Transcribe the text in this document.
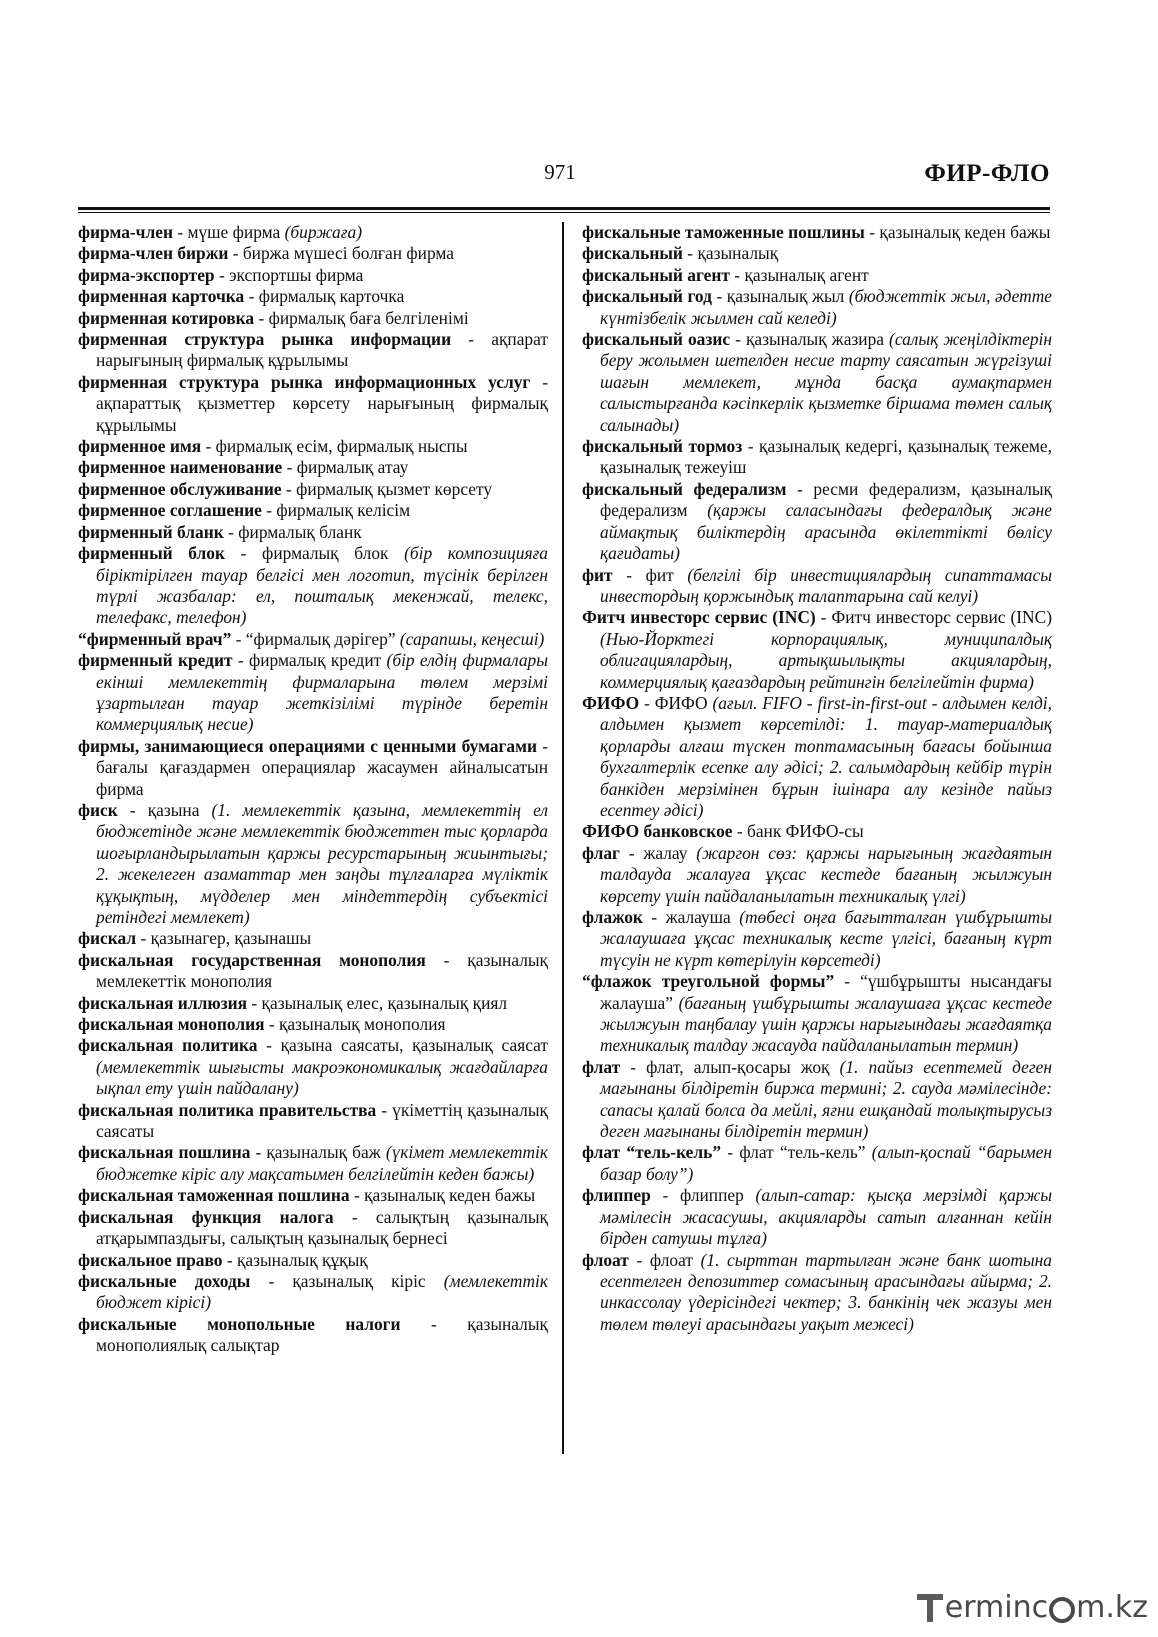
971	ФИР-ФЛО

фирма-член - мүше фирма (биржаға)

фирма-член биржи - биржа мүшесі болған фирма

фирма-экспортер - экспортшы фирма

фирменная карточка - фирмалық карточка

фирменная котировка - фирмалық баға белгіленімі

фирменная структура рынка информации - ақпарат нарығының фирмалық құрылымы

фирменная структура рынка информационных услуг - ақпараттық қызметтер көрсету нарығының фирмалық құрылымы

фирменное имя - фирмалық есім, фирмалық ныспы

фирменное наименование - фирмалық атау

фирменное обслуживание - фирмалық қызмет көрсету

фирменное соглашение - фирмалық келісім

фирменный бланк - фирмалық бланк

фирменный блок - фирмалық блок (бір композицияға біріктірілген тауар белгісі мен логотип, түсінік берілген түрлі жазбалар: ел, пошталық мекенжай, телекс, телефакс, телефон)

“фирменный врач” - “фирмалық дәрігер” (сарапшы, кеңесші)

фирменный кредит - фирмалық кредит (бір елдің фирмалары екінші мемлекеттің фирмаларына төлем мерзімі ұзартылған тауар жеткізілімі түрінде беретін коммерциялық несие)

фирмы, занимающиеся операциями с ценными бумагами - бағалы қағаздармен операциялар жасаумен айналысатын фирма

фиск - қазына (1. мемлекеттік қазына, мемлекеттің ел бюджетінде және мемлекеттік бюджеттен тыс қорларда шоғырландырылатын қаржы ресурстарының жиынтығы; 2. жекелеген азаматтар мен заңды тұлғаларға мүліктік құқықтың, мүдделер мен міндеттердің субъектісі ретіндегі мемлекет)

фискал - қазынагер, қазынашы

фискальная государственная монополия - қазыналық мемлекеттік монополия

фискальная иллюзия - қазыналық елес, қазыналық қиял

фискальная монополия - қазыналық монополия

фискальная политика - қазына саясаты, қазыналық саясат (мемлекеттік шығысты макроэкономикалық жағдайларға ықпал ету үшін пайдалану)

фискальная политика правительства - үкіметтің қазыналық саясаты

фискальная пошлина - қазыналық баж (үкімет мемлекеттік бюджетке кіріс алу мақсатымен белгілейтін кеден бажы)

фискальная таможенная пошлина - қазыналық кеден бажы

фискальная функция налога - салықтың қазыналық атқарымпаздығы, салықтың қазыналық бернесі

фискальное право - қазыналық құқық

фискальные доходы - қазыналық кіріс (мемлекеттік бюджет кірісі)

фискальные монопольные налоги - қазыналық монополиялық салықтар

фискальные таможенные пошлины - қазыналық кеден бажы

фискальный - қазыналық

фискальный агент - қазыналық агент

фискальный год - қазыналық жыл (бюджеттік жыл, әдетте күнтізбелік жылмен сай келеді)

фискальный оазис - қазыналық жазира (салық жеңілдіктерін беру жолымен шетелден несие тарту саясатын жүргізуші шағын мемлекет, мұнда басқа аумақтармен салыстырғанда кәсіпкерлік қызметке біршама төмен салық салынады)

фискальный тормоз - қазыналық кедергі, қазыналық тежеме, қазыналық тежеуіш

фискальный федерализм - ресми федерализм, қазыналық федерализм (қаржы саласындағы федералдық және аймақтық биліктердің арасында өкілеттікті бөлісу қағидаты)

фит - фит (белгілі бір инвестициялардың сипаттамасы инвестордың қоржындық талаптарына сай келуі)

Фитч инвесторс сервис (INC) - Фитч инвесторс сервис (INC) (Нью-Йорктегі корпорациялық, муниципалдық облигациялардың, артықшылықты акциялардың, коммерциялық қағаздардың рейтингін белгілейтін фирма)

ФИФО - ФИФО (ағыл. FIFO - first-in-first-out - алдымен келді, алдымен қызмет көрсетілді: 1. тауар-материалдық қорларды алғаш түскен топтамасының бағасы бойынша бухгалтерлік есепке алу әдісі; 2. салымдардың кейбір түрін банкіден мерзімінен бұрын ішінара алу кезінде пайыз есептеу әдісі)

ФИФО банковское - банк ФИФО-сы

флаг - жалау (жаргон сөз: қаржы нарығының жағдаятын талдауда жалауға ұқсас кестеде бағаның жылжуын көрсету үшін пайдаланылатын техникалық үлгі)

флажок - жалауша (төбесі оңға бағытталған үшбұрышты жалаушаға ұқсас техникалық кесте үлгісі, бағаның күрт түсуін не күрт көтерілуін көрсетеді)

“флажок треугольной формы” - “үшбұрышты нысандағы жалауша” (бағаның үшбұрышты жалаушаға ұқсас кестеде жылжуын таңбалау үшін қаржы нарығындағы жағдаятқа техникалық талдау жасауда пайдаланылатын термин)

флат - флат, алып-қосары жоқ (1. пайыз есептемей деген мағынаны білдіретін биржа термині; 2. сауда мәмілесінде: сапасы қалай болса да мейлі, яғни ешқандай толықтырусыз деген мағынаны білдіретін термин)

флат “тель-кель” - флат “тель-кель” (алып-қоспай “барымен базар болу”)

флиппер - флиппер (алып-сатар: қысқа мерзімді қаржы мәмілесін жасасушы, акцияларды сатып алғаннан кейін бірден сатушы тұлға)

флоат - флоат (1. сырттан тартылған және банк шотына есептелген депозиттер сомасының арасындағы айырма; 2. инкассолау үдерісіндегі чектер; 3. банкінің чек жазуы мен төлем төлеуі арасындағы уақыт межесі)

erminc m.kz
